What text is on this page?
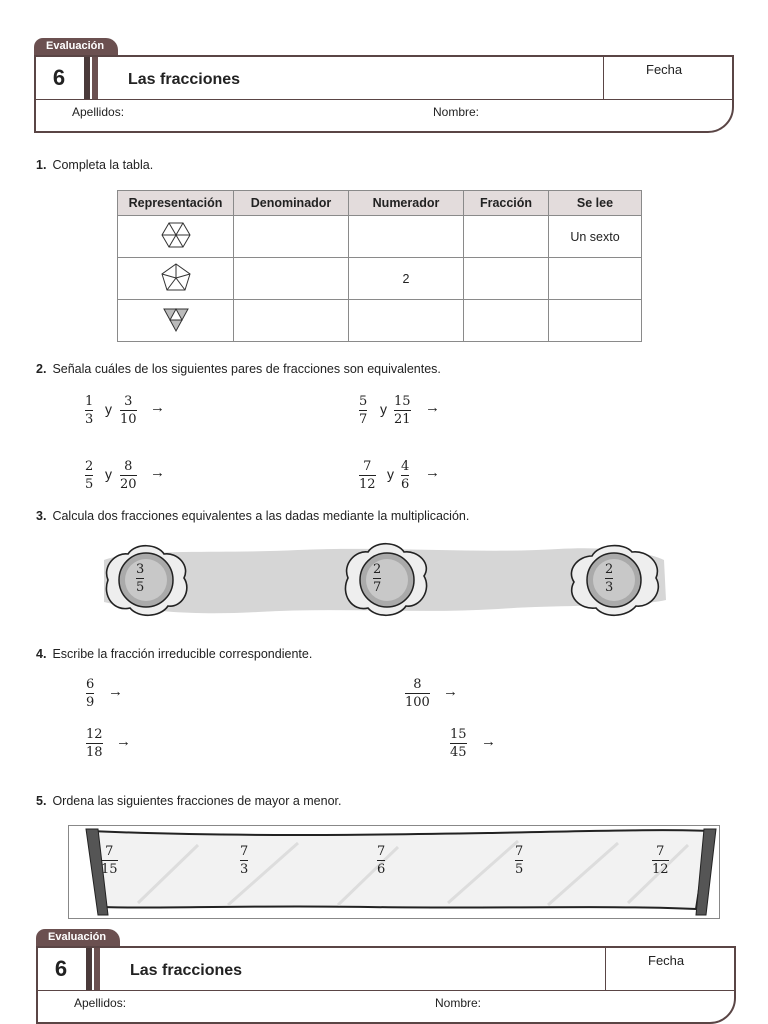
Evaluación
6	Las fracciones
Fecha
Apellidos:	Nombre:
1. Completa la tabla.
Representación	Denominador	Numerador	Fracción	Se lee
				Un sexto
		2		

2. Señala cuáles de los siguientes pares de fracciones son equivalentes.
1
3
y 3
10
→	5
7
y 15
21
→
2
5
y 8
20
→	7
12
y 4
6
→
3. Calcula dos fracciones equivalentes a las dadas mediante la multiplicación.
3
5
2
7
2
3
4. Escribe la fracción irreducible correspondiente.
6
9
→	8
100
→
12
18
→	15
45
→
5. Ordena las siguientes fracciones de mayor a menor.
7
15
7
3
7
6
7
5
7
12
Evaluación
6	Las fracciones
Fecha
Apellidos:	Nombre:
